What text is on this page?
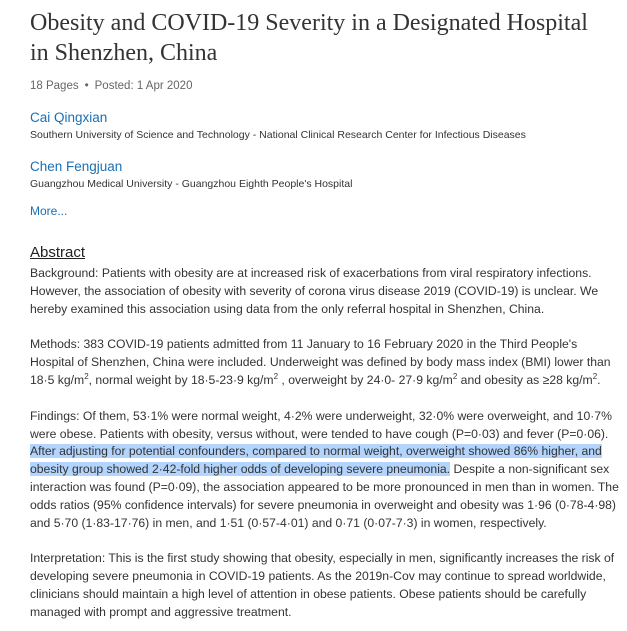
Obesity and COVID-19 Severity in a Designated Hospital in Shenzhen, China
18 Pages • Posted: 1 Apr 2020
Cai Qingxian
Southern University of Science and Technology - National Clinical Research Center for Infectious Diseases
Chen Fengjuan
Guangzhou Medical University - Guangzhou Eighth People's Hospital
More...
Abstract

Background: Patients with obesity are at increased risk of exacerbations from viral respiratory infections. However, the association of obesity with severity of corona virus disease 2019 (COVID-19) is unclear. We hereby examined this association using data from the only referral hospital in Shenzhen, China.

Methods: 383 COVID-19 patients admitted from 11 January to 16 February 2020 in the Third People's Hospital of Shenzhen, China were included. Underweight was defined by body mass index (BMI) lower than 18·5 $kg/m^2$, normal weight by 18·5-23·9 $kg/m^2$ , overweight by 24·0- 27·9 $kg/m^2$ and obesity as ≥28 $kg/m^2$.

Findings: Of them, 53·1% were normal weight, 4·2% were underweight, 32·0% were overweight, and 10·7% were obese. Patients with obesity, versus without, were tended to have cough (P=0·03) and fever (P=0·06). After adjusting for potential confounders, compared to normal weight, overweight showed 86% higher, and obesity group showed 2·42-fold higher odds of developing severe pneumonia. Despite a non-significant sex interaction was found (P=0·09), the association appeared to be more pronounced in men than in women. The odds ratios (95% confidence intervals) for severe pneumonia in overweight and obesity was 1·96 (0·78-4·98) and 5·70 (1·83-17·76) in men, and 1·51 (0·57-4·01) and 0·71 (0·07-7·3) in women, respectively.

Interpretation: This is the first study showing that obesity, especially in men, significantly increases the risk of developing severe pneumonia in COVID-19 patients. As the 2019n-Cov may continue to spread worldwide, clinicians should maintain a high level of attention in obese patients. Obese patients should be carefully managed with prompt and aggressive treatment.
